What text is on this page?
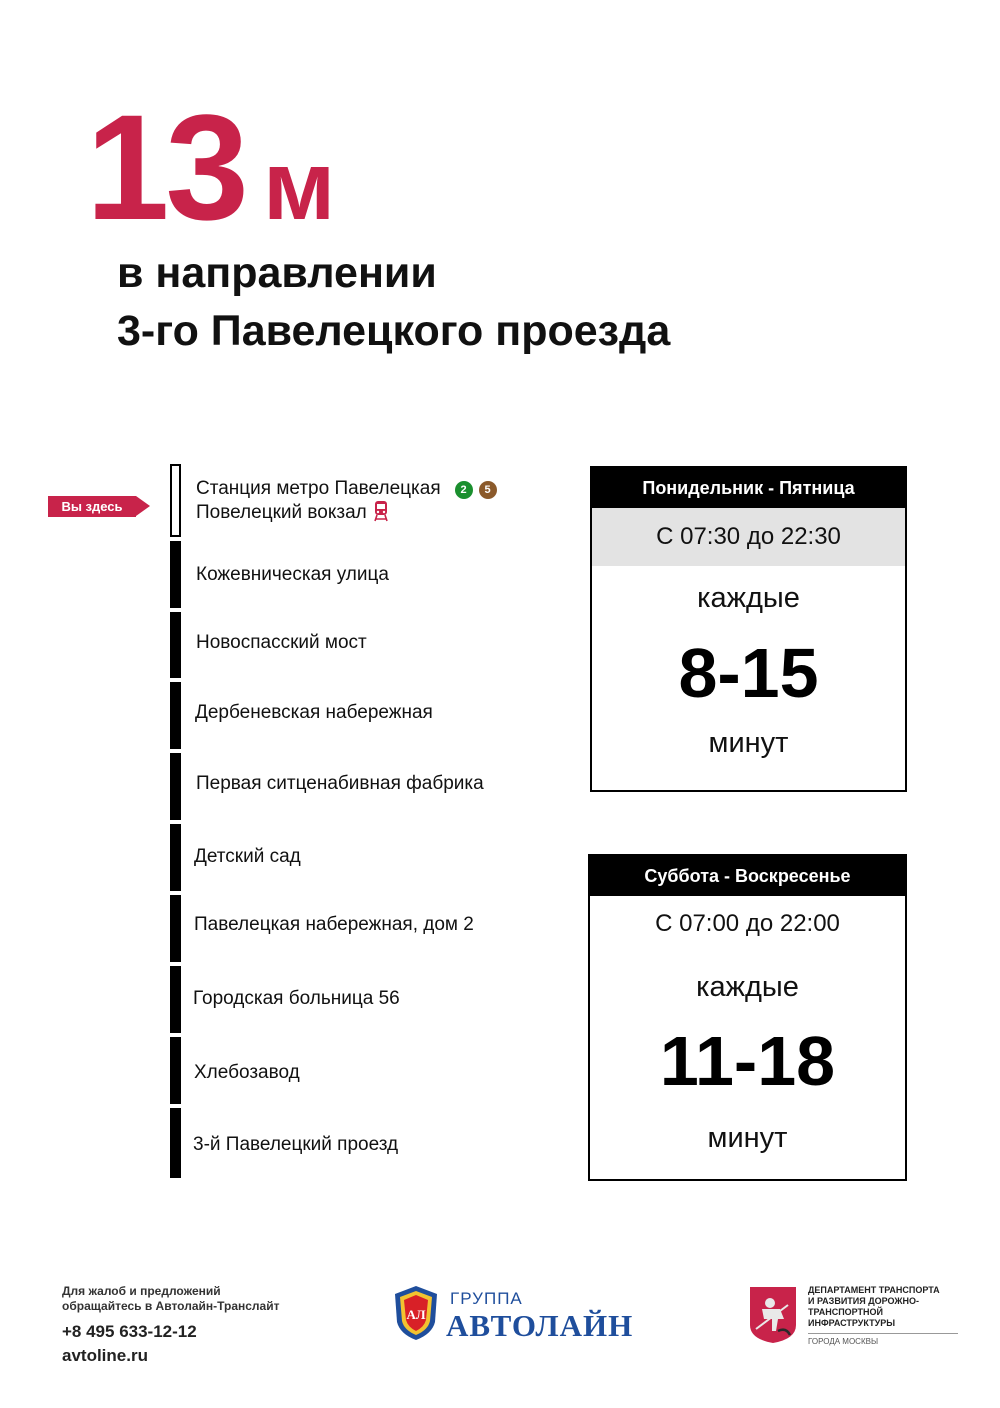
13 м
в направлении
3-го Павелецкого проезда
Вы здесь
Станция метро Павелецкая 2 5
Повелецкий вокзал
Кожевническая улица
Новоспасский мост
Дербеневская набережная
Первая ситценабивная фабрика
Детский сад
Павелецкая набережная, дом 2
Городская больница 56
Хлебозавод
3-й Павелецкий проезд
Понидельник - Пятница
С 07:30 до 22:30
каждые
8-15
минут
Суббота - Воскресенье
С 07:00 до 22:00
каждые
11-18
минут
Для жалоб и предложений
обращайтесь в Автолайн-Транслайт
+8 495 633-12-12
avtoline.ru
АЛ
ГРУППА
АВТОЛАЙН
ДЕПАРТАМЕНТ ТРАНСПОРТА
И РАЗВИТИЯ ДОРОЖНО-
ТРАНСПОРТНОЙ
ИНФРАСТРУКТУРЫ
ГОРОДА МОСКВЫ
